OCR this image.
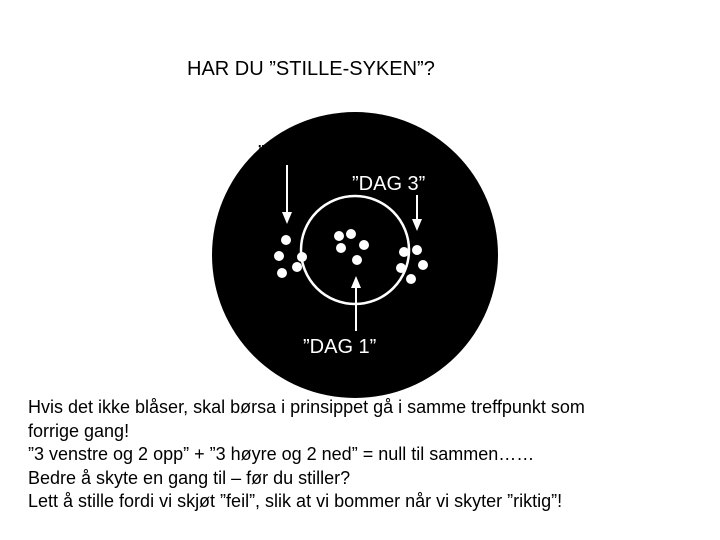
HAR DU ”STILLE-SYKEN”?
”DAG 2”
”DAG 3”
”DAG 1”
Hvis det ikke blåser, skal børsa i prinsippet gå i samme treffpunkt som
forrige gang!
”3 venstre og 2 opp” + ”3 høyre og 2 ned” = null til sammen……
Bedre å skyte en gang til – før du stiller?
Lett å stille fordi vi skjøt ”feil”, slik at vi bommer når vi skyter ”riktig”!
